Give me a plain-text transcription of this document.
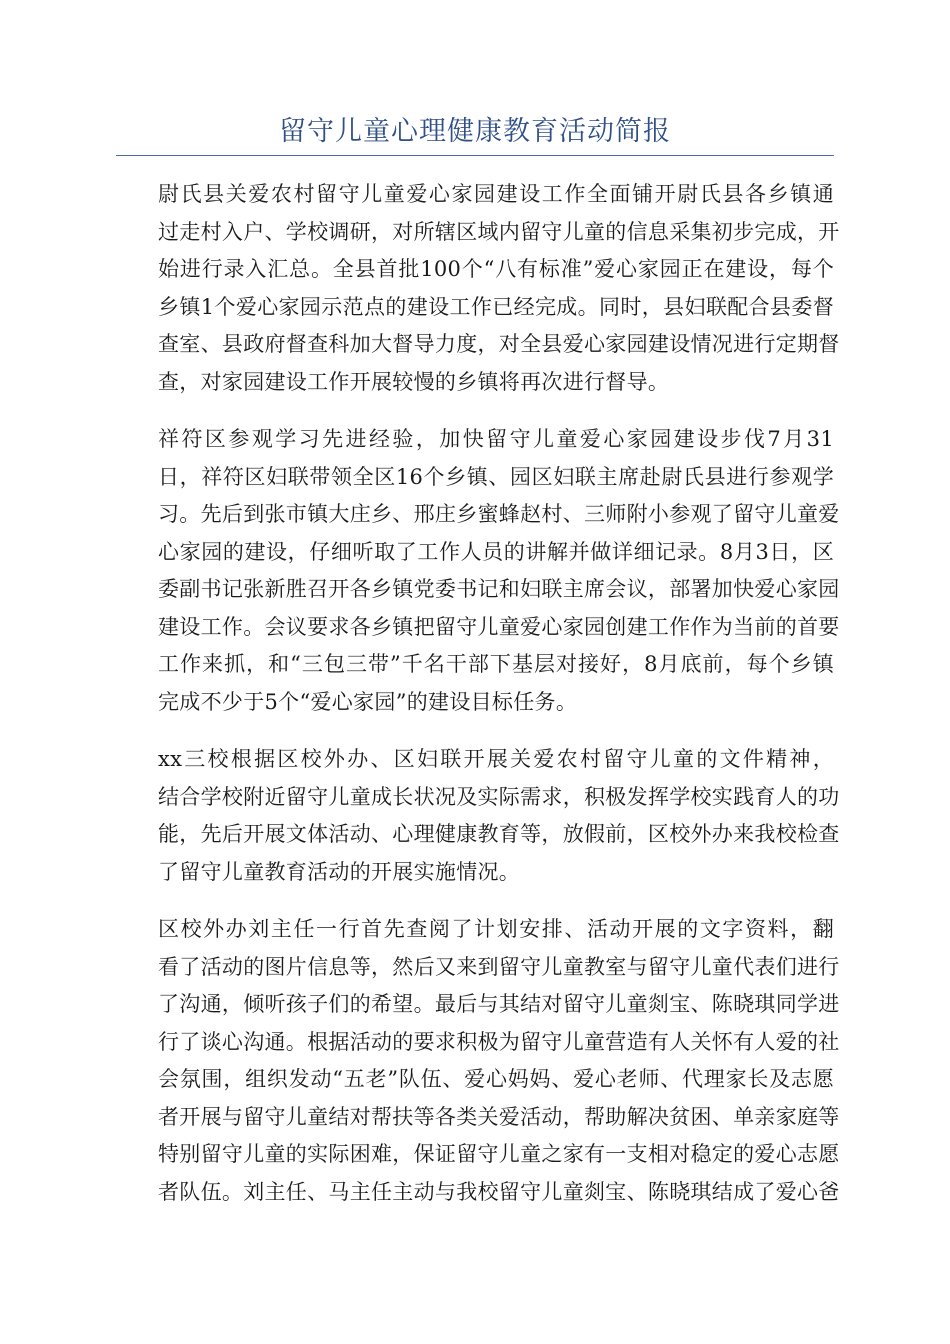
留守儿童心理健康教育活动简报
尉氏县关爱农村留守儿童爱心家园建设工作全面铺开尉氏县各乡镇通
过走村入户、学校调研，对所辖区域内留守儿童的信息采集初步完成，开
始进行录入汇总。全县首批100个“八有标准”爱心家园正在建设，每个
乡镇1个爱心家园示范点的建设工作已经完成。同时，县妇联配合县委督
查室、县政府督查科加大督导力度，对全县爱心家园建设情况进行定期督
查，对家园建设工作开展较慢的乡镇将再次进行督导。
祥符区参观学习先进经验，加快留守儿童爱心家园建设步伐7月31
日，祥符区妇联带领全区16个乡镇、园区妇联主席赴尉氏县进行参观学
习。先后到张市镇大庄乡、邢庄乡蜜蜂赵村、三师附小参观了留守儿童爱
心家园的建设，仔细听取了工作人员的讲解并做详细记录。8月3日，区
委副书记张新胜召开各乡镇党委书记和妇联主席会议，部署加快爱心家园
建设工作。会议要求各乡镇把留守儿童爱心家园创建工作作为当前的首要
工作来抓，和“三包三带”千名干部下基层对接好，8月底前，每个乡镇
完成不少于5个“爱心家园”的建设目标任务。
xx三校根据区校外办、区妇联开展关爱农村留守儿童的文件精神，
结合学校附近留守儿童成长状况及实际需求，积极发挥学校实践育人的功
能，先后开展文体活动、心理健康教育等，放假前，区校外办来我校检查
了留守儿童教育活动的开展实施情况。
区校外办刘主任一行首先查阅了计划安排、活动开展的文字资料，翻
看了活动的图片信息等，然后又来到留守儿童教室与留守儿童代表们进行
了沟通，倾听孩子们的希望。最后与其结对留守儿童剡宝、陈晓琪同学进
行了谈心沟通。根据活动的要求积极为留守儿童营造有人关怀有人爱的社
会氛围，组织发动“五老”队伍、爱心妈妈、爱心老师、代理家长及志愿
者开展与留守儿童结对帮扶等各类关爱活动，帮助解决贫困、单亲家庭等
特别留守儿童的实际困难，保证留守儿童之家有一支相对稳定的爱心志愿
者队伍。刘主任、马主任主动与我校留守儿童剡宝、陈晓琪结成了爱心爸
